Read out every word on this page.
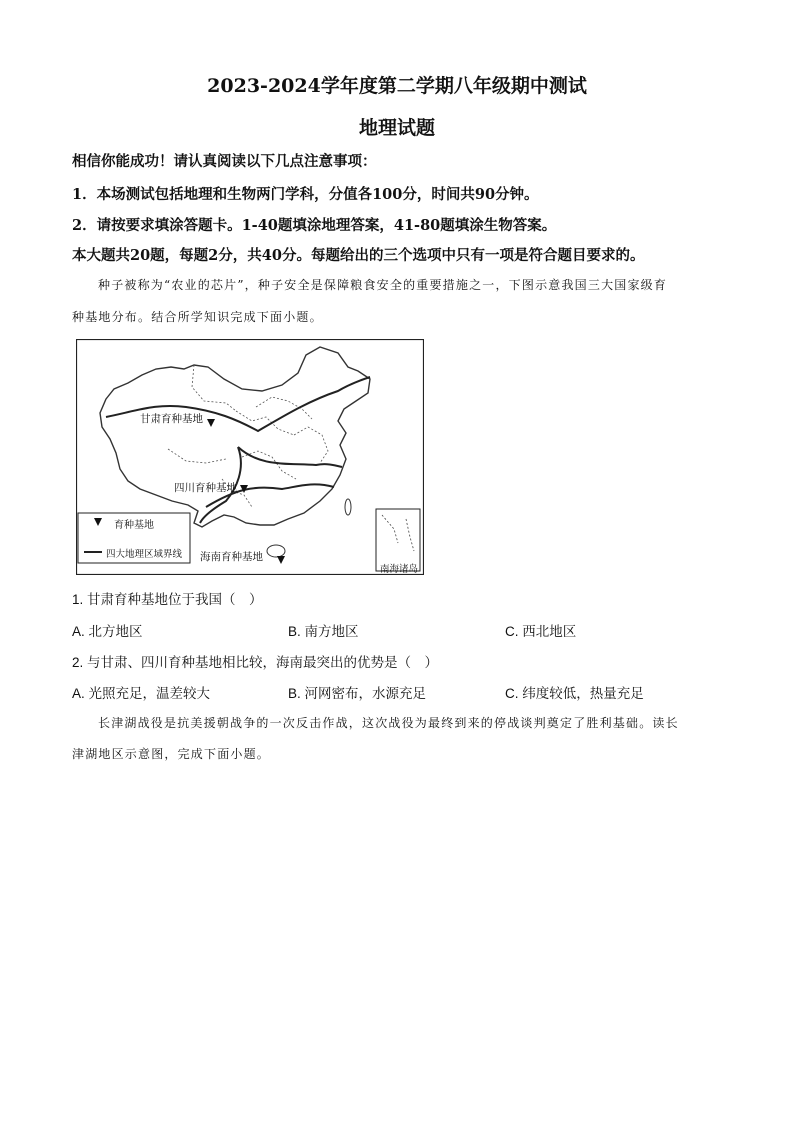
2023-2024学年度第二学期八年级期中测试
地理试题
相信你能成功！请认真阅读以下几点注意事项：
1．本场测试包括地理和生物两门学科，分值各100分，时间共90分钟。
2．请按要求填涂答题卡。1-40题填涂地理答案，41-80题填涂生物答案。
本大题共20题，每题2分，共40分。每题给出的三个选项中只有一项是符合题目要求的。
种子被称为“农业的芯片”，种子安全是保障粮食安全的重要措施之一，下图示意我国三大国家级育
种基地分布。结合所学知识完成下面小题。
甘肃育种基地
四川育种基地
海南育种基地
南海诸岛
育种基地
四大地理区域界线
1. 甘肃育种基地位于我国（　）
A. 北方地区	B. 南方地区	C. 西北地区
2. 与甘肃、四川育种基地相比较，海南最突出的优势是（　）
A. 光照充足，温差较大	B. 河网密布，水源充足	C. 纬度较低，热量充足
长津湖战役是抗美援朝战争的一次反击作战，这次战役为最终到来的停战谈判奠定了胜利基础。读长
津湖地区示意图，完成下面小题。
